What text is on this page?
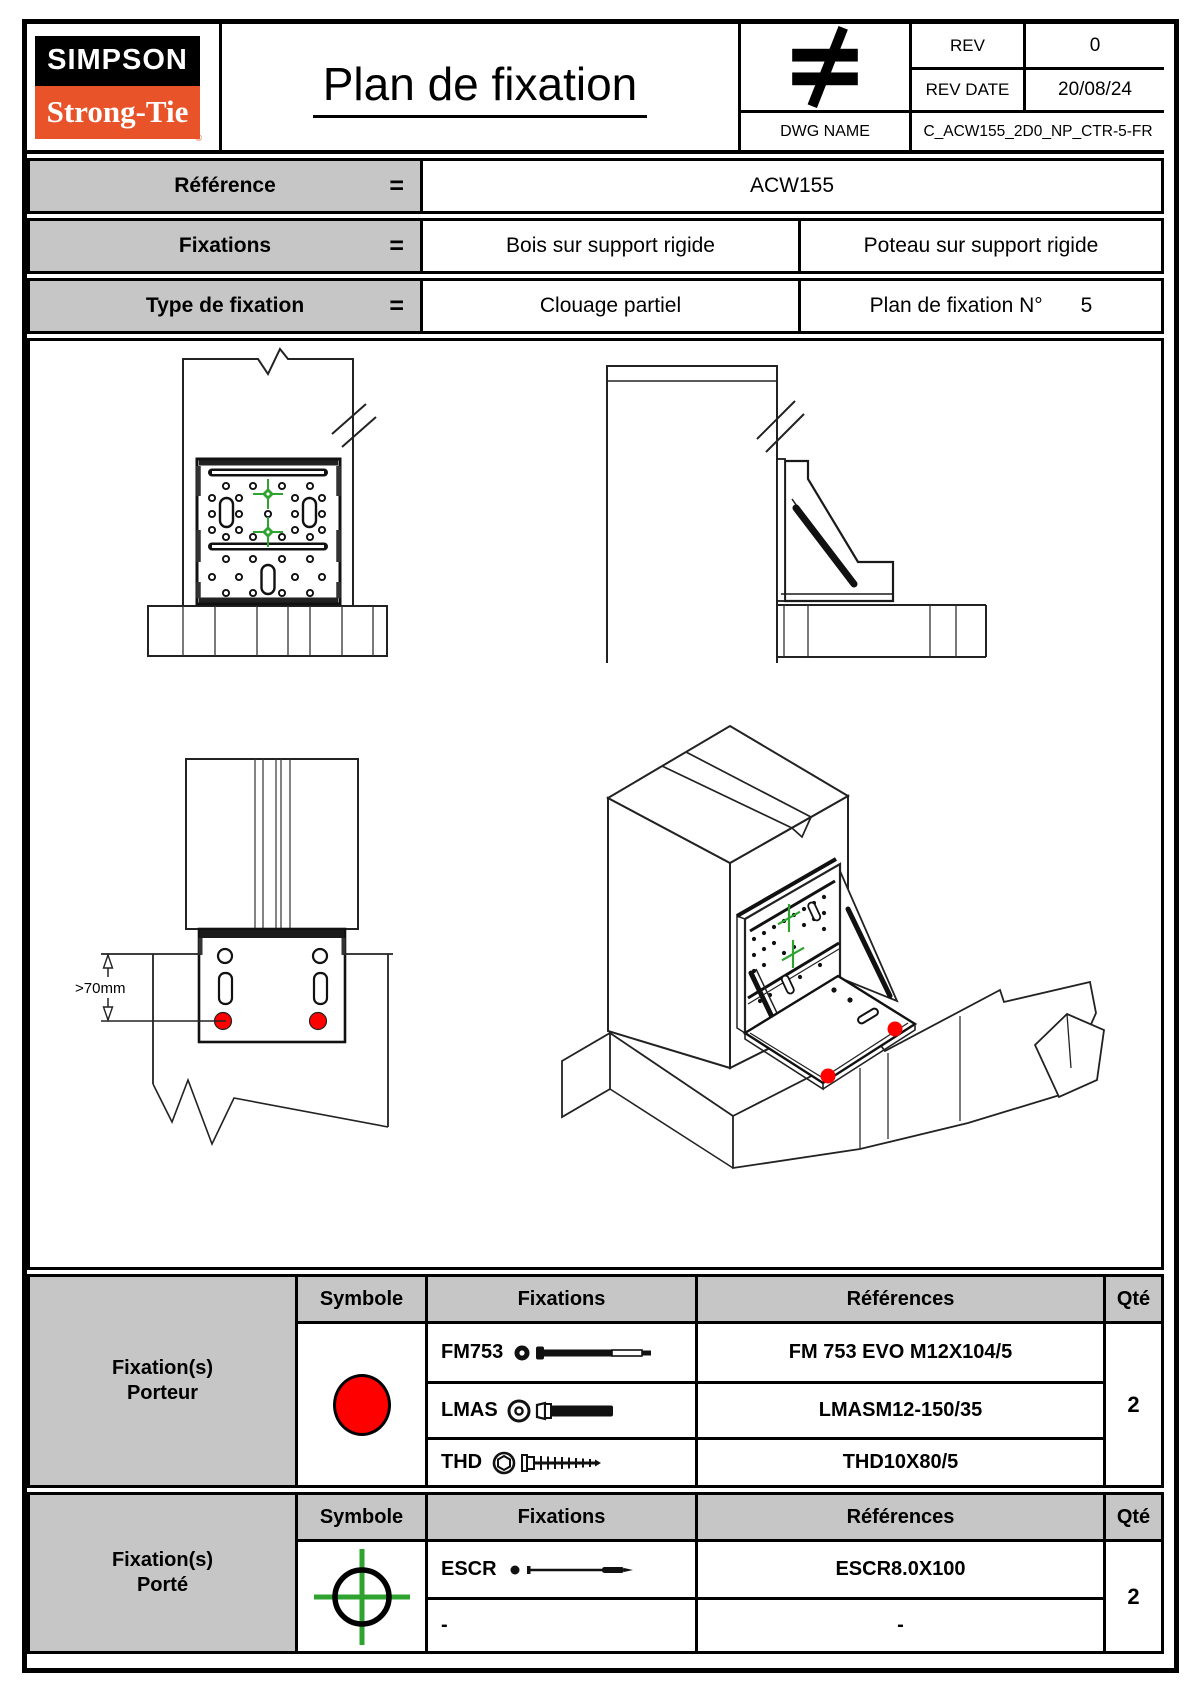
SIMPSON
Strong-Tie
®
Plan de fixation
REV	0
REV DATE	20/08/24
DWG NAME	C_ACW155_2D0_NP_CTR-5-FR
Référence	=	ACW155
Fixations	=	Bois sur support rigide	Poteau sur support rigide
Type de fixation	=	Clouage partiel	Plan de fixation N° 5
>70mm
Fixation(s)
Porteur
Symbole	Fixations	Références	Qté
FM753	FM 753 EVO M12X104/5
LMAS	LMASM12-150/35
THD	THD10X80/5
2
Fixation(s)
Porté
Symbole	Fixations	Références	Qté
ESCR	ESCR8.0X100
-	-
2
